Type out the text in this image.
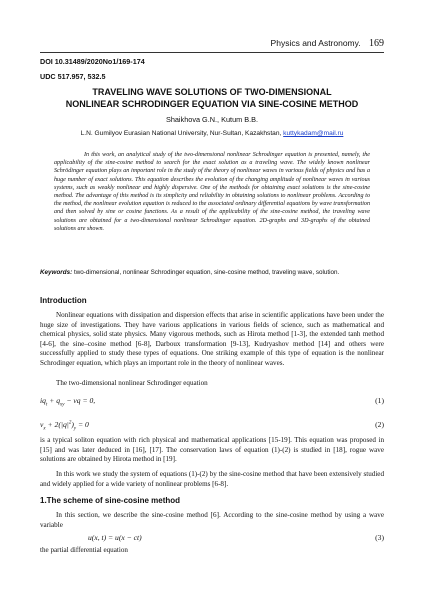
Physics and Astronomy. 169
DOI 10.31489/2020No1/169-174
UDC 517.957, 532.5
TRAVELING WAVE SOLUTIONS OF TWO-DIMENSIONAL
NONLINEAR SCHRODINGER EQUATION VIA SINE-COSINE METHOD
Shaikhova G.N., Kutum B.B.
L.N. Gumilyov Eurasian National University, Nur-Sultan, Kazakhstan, kuttykadam@mail.ru
In this work, an analytical study of the two-dimensional nonlinear Schrodinger equation is presented, namely, the applicability of the sine-cosine method to search for the exact solution as a traveling wave. The widely known nonlinear Schrödinger equation plays an important role in the study of the theory of nonlinear waves in various fields of physics and has a huge number of exact solutions. This equation describes the evolution of the changing amplitude of nonlinear waves in various systems, such as weakly nonlinear and highly dispersive. One of the methods for obtaining exact solutions is the sine-cosine method. The advantage of this method is its simplicity and reliability in obtaining solutions to nonlinear problems. According to the method, the nonlinear evolution equation is reduced to the associated ordinary differential equations by wave transformation and then solved by sine or cosine functions. As a result of the applicability of the sine-cosine method, the traveling wave solutions are obtained for a two-dimensional nonlinear Schrodinger equation. 2D-graphs and 3D-graphs of the obtained solutions are shown.
Keywords: two-dimensional, nonlinear Schrodinger equation, sine-cosine method, traveling wave, solution.
Introduction
Nonlinear equations with dissipation and dispersion effects that arise in scientific applications have been under the huge size of investigations. They have various applications in various fields of science, such as mathematical and chemical physics, solid state physics. Many vigorous methods, such as Hirota method [1-3], the extended tanh method [4-6], the sine–cosine method [6-8], Darboux transformation [9-13], Kudryashov method [14] and others were successfully applied to study these types of equations. One striking example of this type of equation is the nonlinear Schrodinger equation, which plays an important role in the theory of nonlinear waves.
The two-dimensional nonlinear Schrodinger equation
$iq_t + q_{xy}$ − vq = 0,	(1)
$v_x + 2(|q|^2)_y = 0$	(2)
is a typical soliton equation with rich physical and mathematical applications [15-19]. This equation was proposed in [15] and was later deduced in [16], [17]. The conservation laws of equation (1)-(2) is studied in [18], rogue wave solutions are obtained by Hirota method in [19].
In this work we study the system of equations (1)-(2) by the sine-cosine method that have been extensively studied and widely applied for a wide variety of nonlinear problems [6-8].
1.The scheme of sine-cosine method
In this section, we describe the sine-cosine method [6]. According to the sine-cosine method by using a wave variable
u(x, t) = u(x − ct)	(3)
the partial differential equation
